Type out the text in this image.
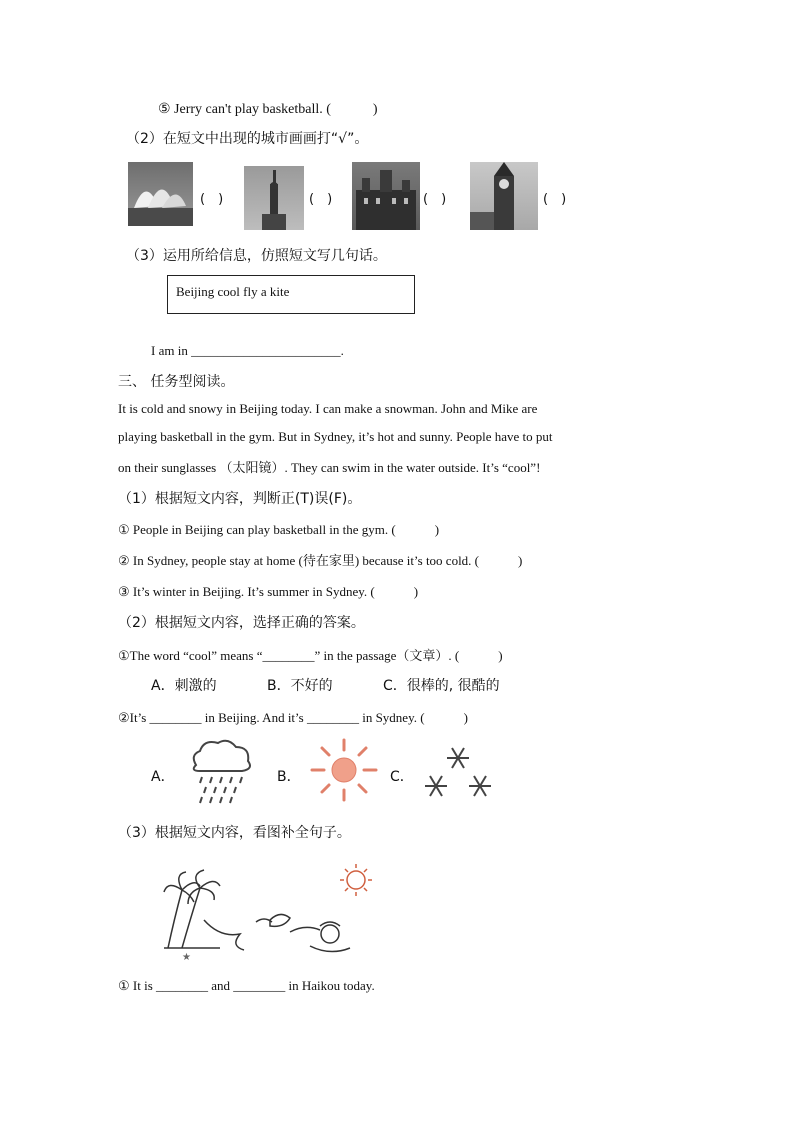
⑤ Jerry can't play basketball. (　　　)
（2）在短文中出现的城市画画打“√”。
(　)	(　)	(　)	(　)
（3）运用所给信息，仿照短文写几句话。
Beijing cool fly a kite
I am in _______________________.
三、 任务型阅读。
It is cold and snowy in Beijing today. I can make a snowman. John and Mike are
playing basketball in the gym. But in Sydney, it’s hot and sunny. People have to put
on their sunglasses （太阳镜）. They can swim in the water outside. It’s “cool”!
（1）根据短文内容，判断正(T)误(F)。
① People in Beijing can play basketball in the gym. (　　　)
② In Sydney, people stay at home (待在家里) because it’s too cold. (　　　)
③ It’s winter in Beijing. It’s summer in Sydney. (　　　)
（2）根据短文内容，选择正确的答案。
①The word “cool” means “________” in the passage（文章）. (　　　)
A．刺激的	B．不好的	C．很棒的, 很酷的
②It’s ________ in Beijing. And it’s ________ in Sydney. (　　　)
A．	B．	C．
（3）根据短文内容，看图补全句子。
★
① It is ________ and ________ in Haikou today.
